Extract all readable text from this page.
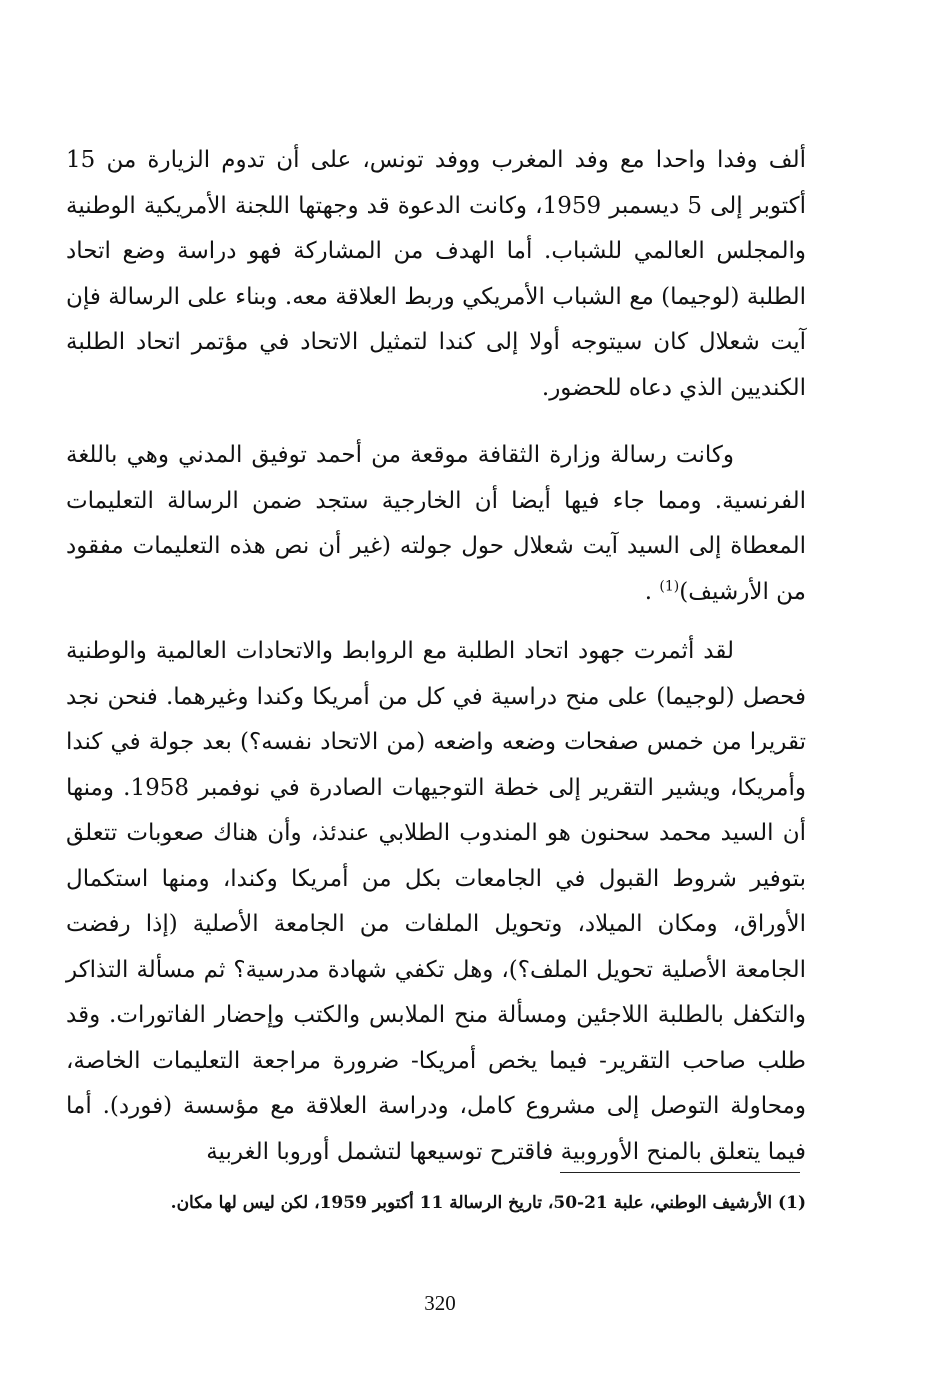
ألف وفدا واحدا مع وفد المغرب ووفد تونس، على أن تدوم الزيارة من 15 أكتوبر إلى 5 ديسمبر 1959، وكانت الدعوة قد وجهتها اللجنة الأمريكية الوطنية والمجلس العالمي للشباب. أما الهدف من المشاركة فهو دراسة وضع اتحاد الطلبة (لوجيما) مع الشباب الأمريكي وربط العلاقة معه. وبناء على الرسالة فإن آيت شعلال كان سيتوجه أولا إلى كندا لتمثيل الاتحاد في مؤتمر اتحاد الطلبة الكنديين الذي دعاه للحضور.

وكانت رسالة وزارة الثقافة موقعة من أحمد توفيق المدني وهي باللغة الفرنسية. ومما جاء فيها أيضا أن الخارجية ستجد ضمن الرسالة التعليمات المعطاة إلى السيد آيت شعلال حول جولته (غير أن نص هذه التعليمات مفقود من الأرشيف)$^{(1)}$ .

لقد أثمرت جهود اتحاد الطلبة مع الروابط والاتحادات العالمية والوطنية فحصل (لوجيما) على منح دراسية في كل من أمريكا وكندا وغيرهما. فنحن نجد تقريرا من خمس صفحات وضعه واضعه (من الاتحاد نفسه؟) بعد جولة في كندا وأمريكا، ويشير التقرير إلى خطة التوجيهات الصادرة في نوفمبر 1958. ومنها أن السيد محمد سحنون هو المندوب الطلابي عندئذ، وأن هناك صعوبات تتعلق بتوفير شروط القبول في الجامعات بكل من أمريكا وكندا، ومنها استكمال الأوراق، ومكان الميلاد، وتحويل الملفات من الجامعة الأصلية (إذا رفضت الجامعة الأصلية تحويل الملف؟)، وهل تكفي شهادة مدرسية؟ ثم مسألة التذاكر والتكفل بالطلبة اللاجئين ومسألة منح الملابس والكتب وإحضار الفاتورات. وقد طلب صاحب التقرير- فيما يخص أمريكا- ضرورة مراجعة التعليمات الخاصة، ومحاولة التوصل إلى مشروع كامل، ودراسة العلاقة مع مؤسسة (فورد). أما فيما يتعلق بالمنح الأوروبية فاقترح توسيعها لتشمل أوروبا الغربية

(1) الأرشيف الوطني، علبة 21-50، تاريخ الرسالة 11 أكتوبر 1959، لكن ليس لها مكان.
320
